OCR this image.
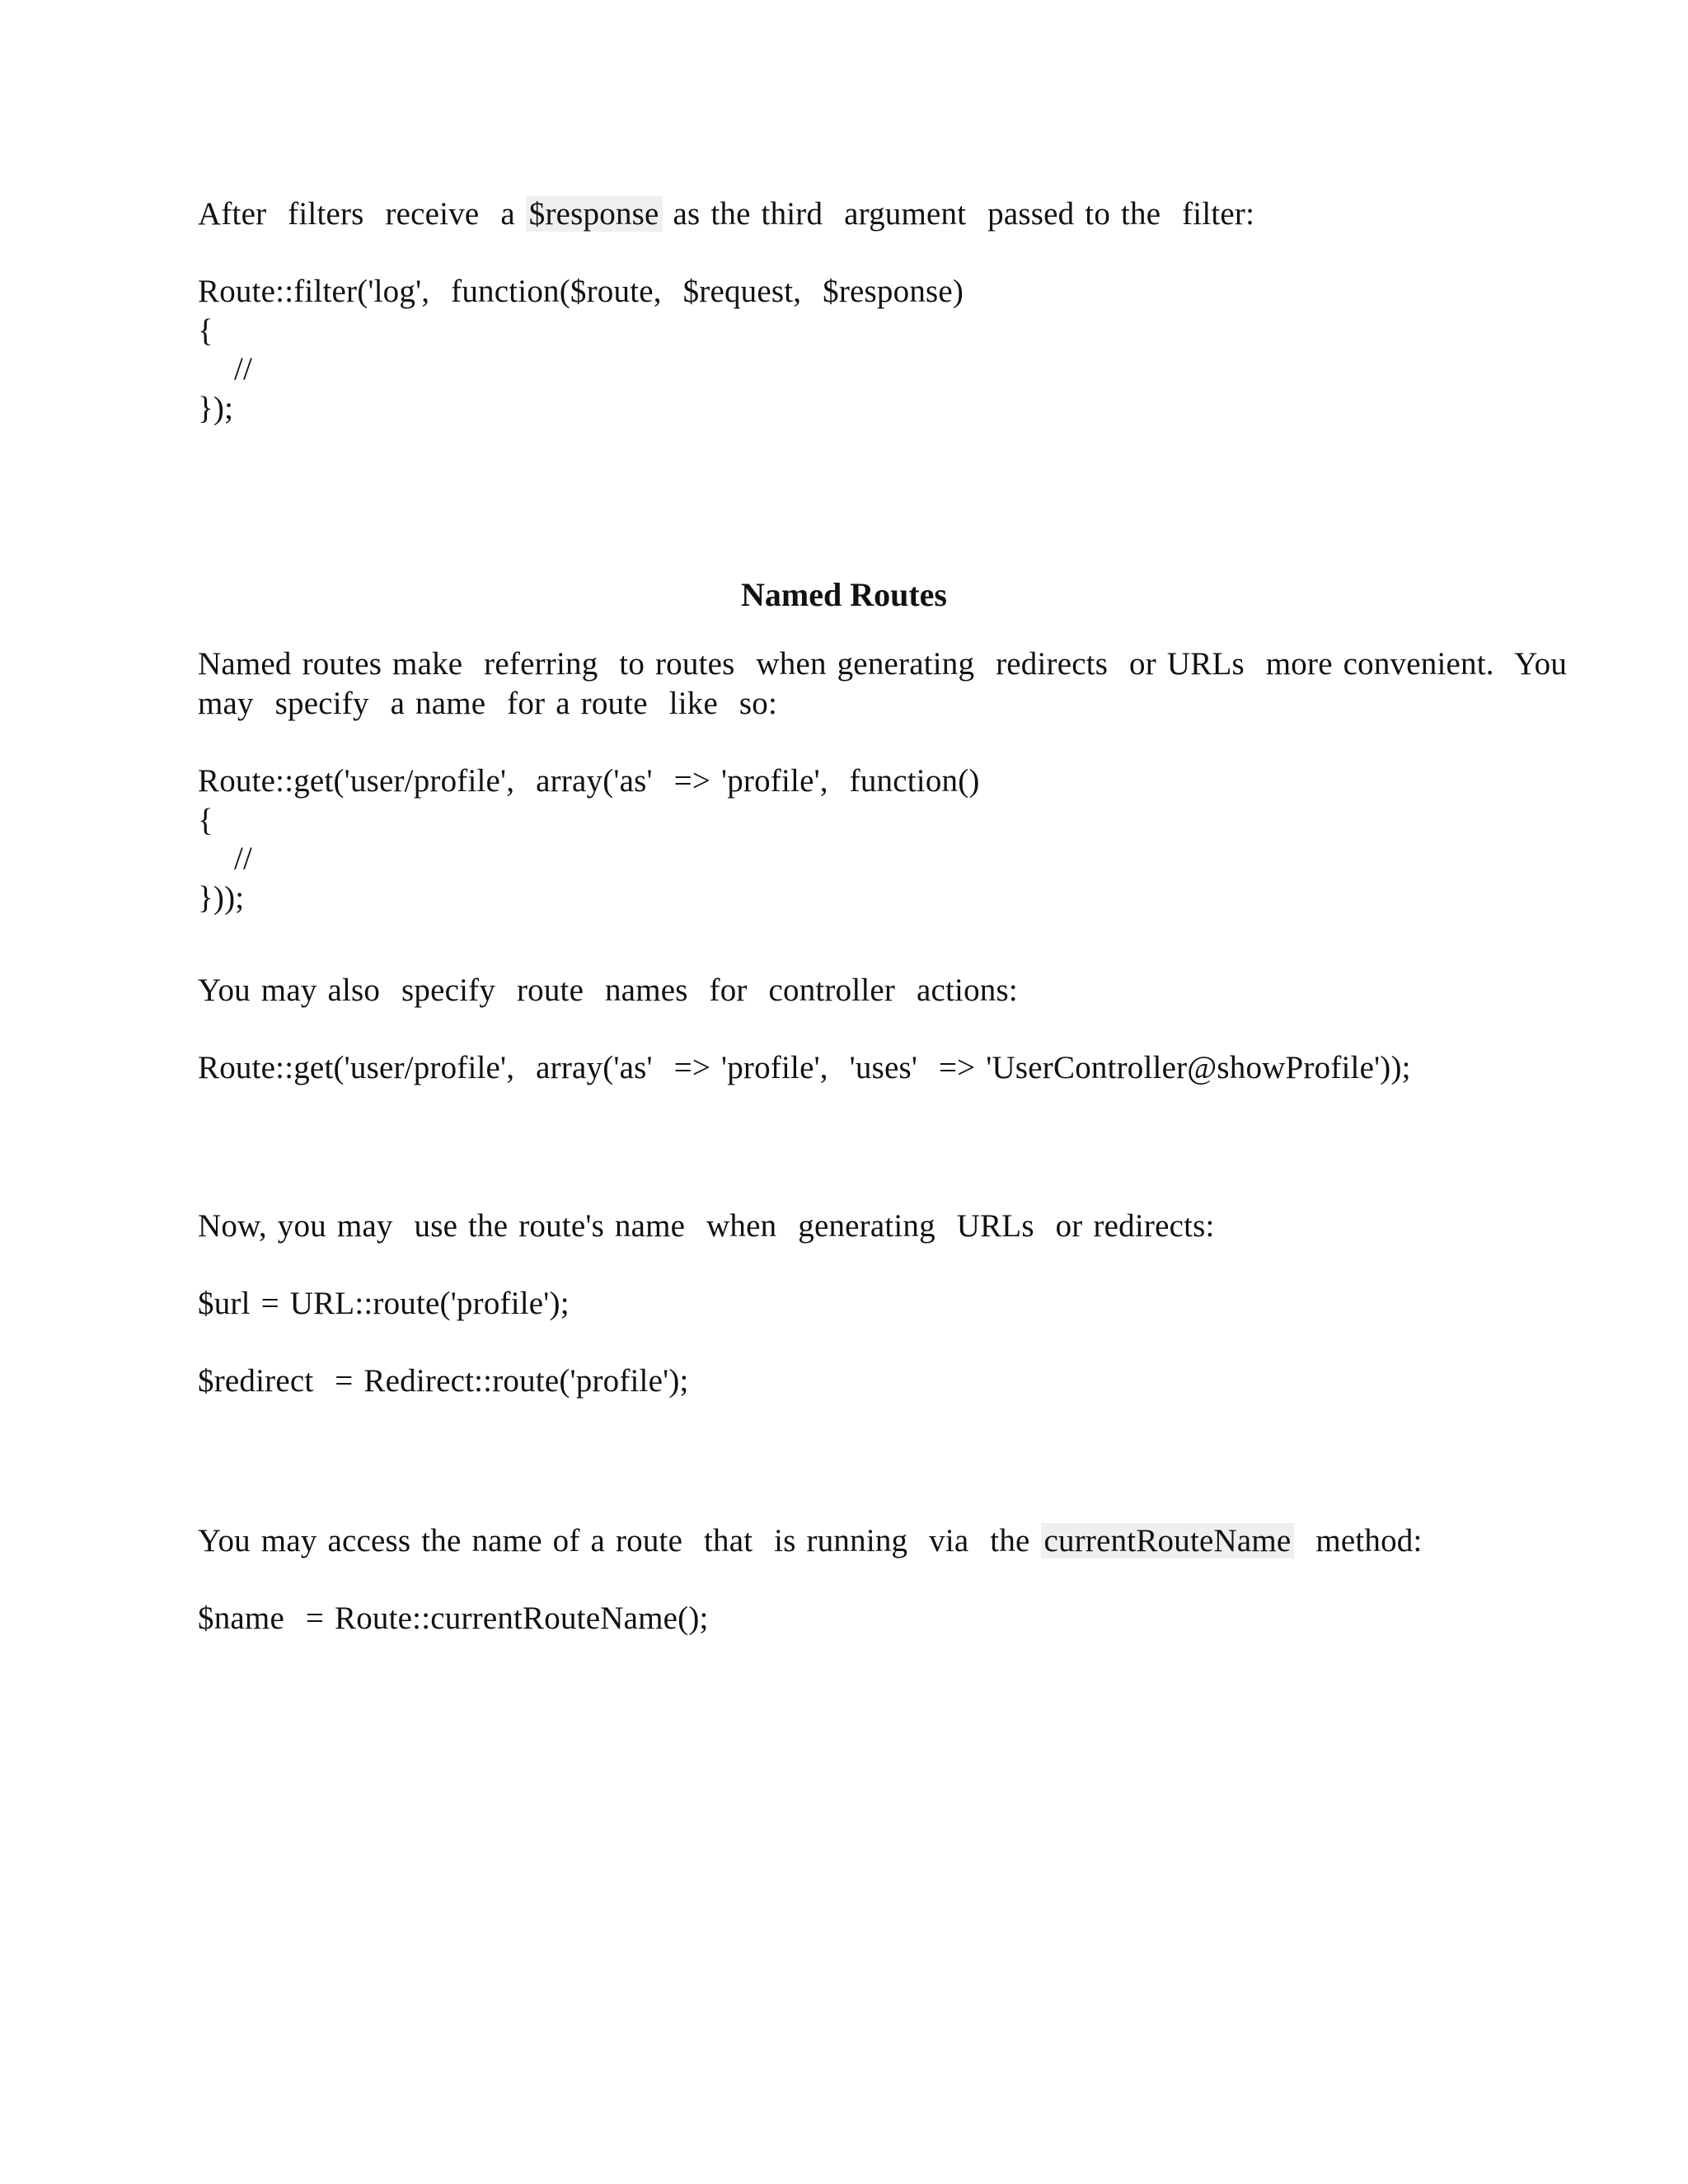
After  filters  receive  a $response as the third  argument  passed to the  filter:
Route::filter('log',  function($route,  $request,  $response)
{
//
});
Named Routes
Named routes make  referring  to routes  when generating  redirects  or URLs  more convenient.  You
may  specify  a name  for a route  like  so:
Route::get('user/profile',  array('as'  => 'profile',  function()
{
//
}));
You may also  specify  route  names  for  controller  actions:
Route::get('user/profile',  array('as'  => 'profile',  'uses'  => 'UserController@showProfile'));
Now, you may  use the route's name  when  generating  URLs  or redirects:
$url = URL::route('profile');
$redirect  = Redirect::route('profile');
You may access the name of a route  that  is running  via  the currentRouteName  method:
$name  = Route::currentRouteName();
